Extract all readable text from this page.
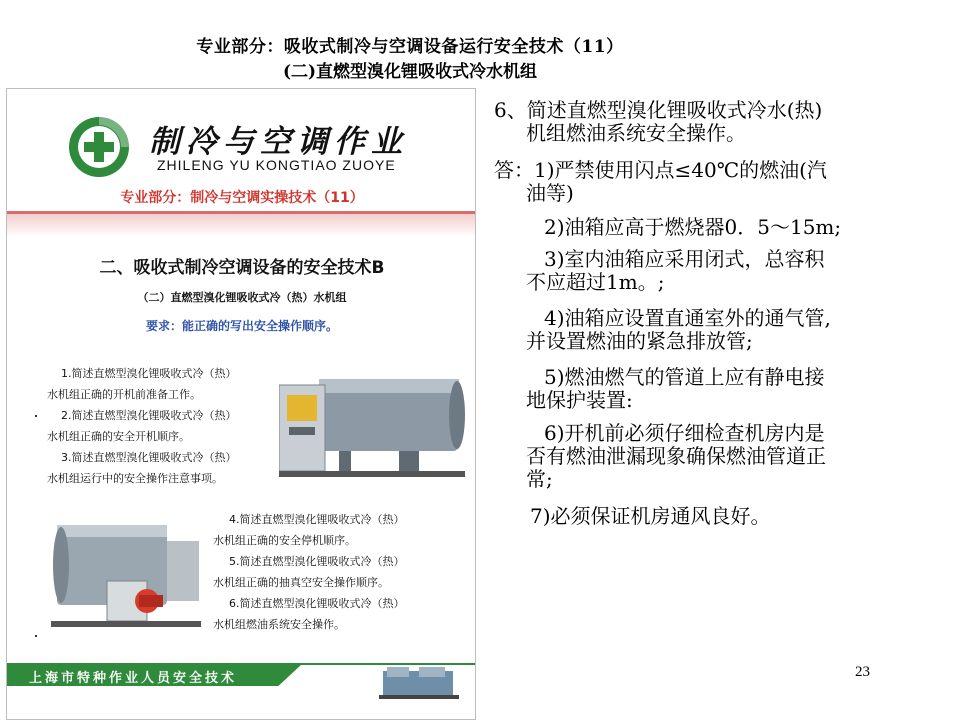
专业部分：吸收式制冷与空调设备运行安全技术（11）
(二)直燃型溴化锂吸收式冷水机组
制冷与空调作业
ZHILENG YU KONGTIAO ZUOYE
专业部分：制冷与空调实操技术（11）
二、吸收式制冷空调设备的安全技术B
（二）直燃型溴化锂吸收式冷（热）水机组
要求：能正确的写出安全操作顺序。
1.简述直燃型溴化锂吸收式冷（热）
水机组正确的开机前准备工作。
2.简述直燃型溴化锂吸收式冷（热）
水机组正确的安全开机顺序。
3.简述直燃型溴化锂吸收式冷（热）
水机组运行中的安全操作注意事项。
4.简述直燃型溴化锂吸收式冷（热）
水机组正确的安全停机顺序。
5.简述直燃型溴化锂吸收式冷（热）
水机组正确的抽真空安全操作顺序。
6.简述直燃型溴化锂吸收式冷（热）
水机组燃油系统安全操作。
上海市特种作业人员安全技术
6、简述直燃型溴化锂吸收式冷水(热)
机组燃油系统安全操作。
答：1)严禁使用闪点≤40℃的燃油(汽
油等)
2)油箱应高于燃烧器0．5～15m;
3)室内油箱应采用闭式，总容积
不应超过1m。;
4)油箱应设置直通室外的通气管,
并设置燃油的紧急排放管;
5)燃油燃气的管道上应有静电接
地保护装置:
6)开机前必须仔细检查机房内是
否有燃油泄漏现象确保燃油管道正
常;
7)必须保证机房通风良好。
23
